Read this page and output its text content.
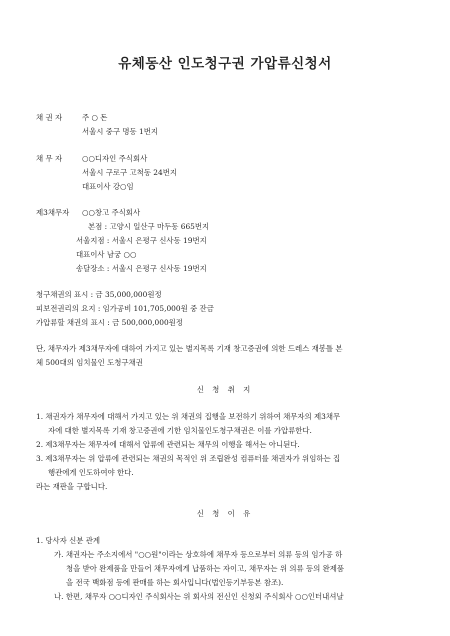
유체동산 인도청구권 가압류신청서
채 권 자	주 ○ 돈
서울시 중구 명동 1번지
채 무 자	○○디자인 주식회사
서울시 구로구 고척동 24번지
대표이사 강○임
제3채무자 ○○창고 주식회사
본점 : 고양시 일산구 마두동 665번지
서울지점 : 서울시 은평구 신사동 19번지
대표이사 남궁 ○○
송달장소 : 서울시 은평구 신사동 19번지
청구채권의 표시 : 금 35,000,000원정
피보전권리의 요지 : 임가공비 101,705,000원 중 잔금
가압류할 채권의 표시 : 금 500,000,000원정
단, 채무자가 제3채무자에 대하여 가지고 있는 별지목록 기재 창고증권에 의한 드레스 재봉틀 본
체 500대의 임치물인 도청구채권
신 청 취 지
1. 채권자가 채무자에 대해서 가지고 있는 위 채권의 집행을 보전하기 위하여 채무자의 제3채무
자에 대한 별지목록 기재 창고증권에 기한 임치물인도청구채권은 이를 가압류한다.
2. 제3채무자는 채무자에 대해서 압류에 관련되는 채무의 이행을 해서는 아니된다.
3. 제3채무자는 위 압류에 관련되는 채권의 목적인 위 조립완성 컴퓨터를 채권자가 위임하는 집
행관에게 인도하여야 한다.
라는 재판을 구합니다.
신 청 이 유
1. 당사자 신분 관계
가. 채권자는 주소지에서 "○○원"이라는 상호하에 채무자 등으로부터 의류 등의 임가공 하
청을 받아 완제품을 만들어 채무자에게 납품하는 자이고, 채무자는 위 의류 등의 완제품
을 전국 백화점 등에 판매를 하는 회사입니다(법인등기부등본 참조).
나. 한편, 채무자 ○○디자인 주식회사는 위 회사의 전신인 신청외 주식회사 ○○인터내셔날
